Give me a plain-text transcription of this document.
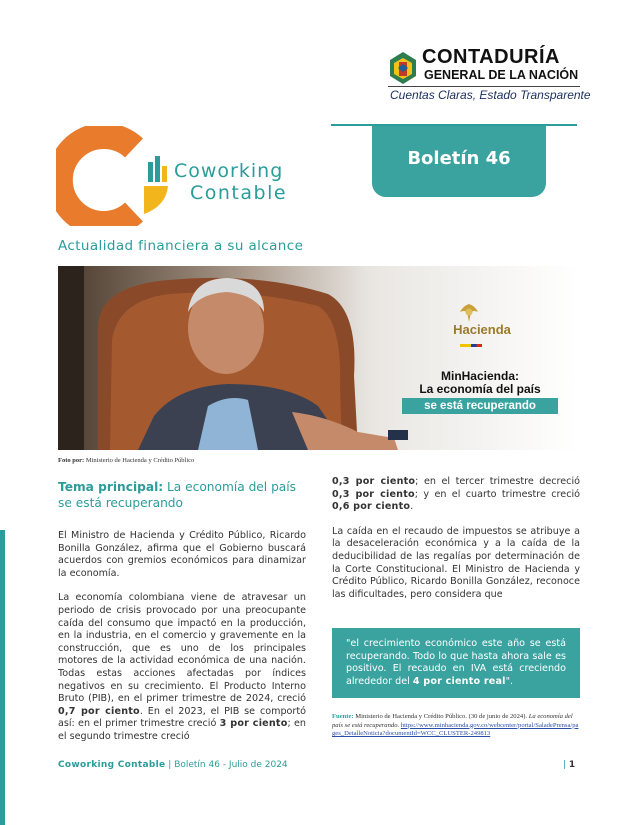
CONTADURÍA
GENERAL DE LA NACIÓN
Cuentas Claras, Estado Transparente
Boletín 46
Coworking
Contable
Actualidad financiera a su alcance
Hacienda
MinHacienda:
La economía del país
se está recuperando
Foto por: Ministerio de Hacienda y Crédito Público
Tema principal: La economía del país se está recuperando

El Ministro de Hacienda y Crédito Público, Ricardo Bonilla González, afirma que el Gobierno buscará acuerdos con gremios económicos para dinamizar la economía.

La economía colombiana viene de atravesar un periodo de crisis provocado por una preocupante caída del consumo que impactó en la producción, en la industria, en el comercio y gravemente en la construcción, que es uno de los principales motores de la actividad económica de una nación. Todas estas acciones afectadas por índices negativos en su crecimiento. El Producto Interno Bruto (PIB), en el primer trimestre de 2024, creció 0,7 por ciento. En el 2023, el PIB se comportó así: en el primer trimestre creció 3 por ciento; en el segundo trimestre creció

0,3 por ciento; en el tercer trimestre decreció 0,3 por ciento; y en el cuarto trimestre creció 0,6 por ciento.

La caída en el recaudo de impuestos se atribuye a la desaceleración económica y a la caída de la deducibilidad de las regalías por determinación de la Corte Constitucional. El Ministro de Hacienda y Crédito Público, Ricardo Bonilla González, reconoce las dificultades, pero considera que

"el crecimiento económico este año se está recuperando. Todo lo que hasta ahora sale es positivo. El recaudo en IVA está creciendo alrededor del 4 por ciento real".
Fuente: Ministerio de Hacienda y Crédito Público. (30 de junio de 2024). La economía del país se está recuperando. https://www.minhacienda.gov.co/webcenter/portal/SaladePrensa/pages_DetalleNoticia?documentId=WCC_CLUSTER-249813
Coworking Contable | Boletín 46 - Julio de 2024	| 1
